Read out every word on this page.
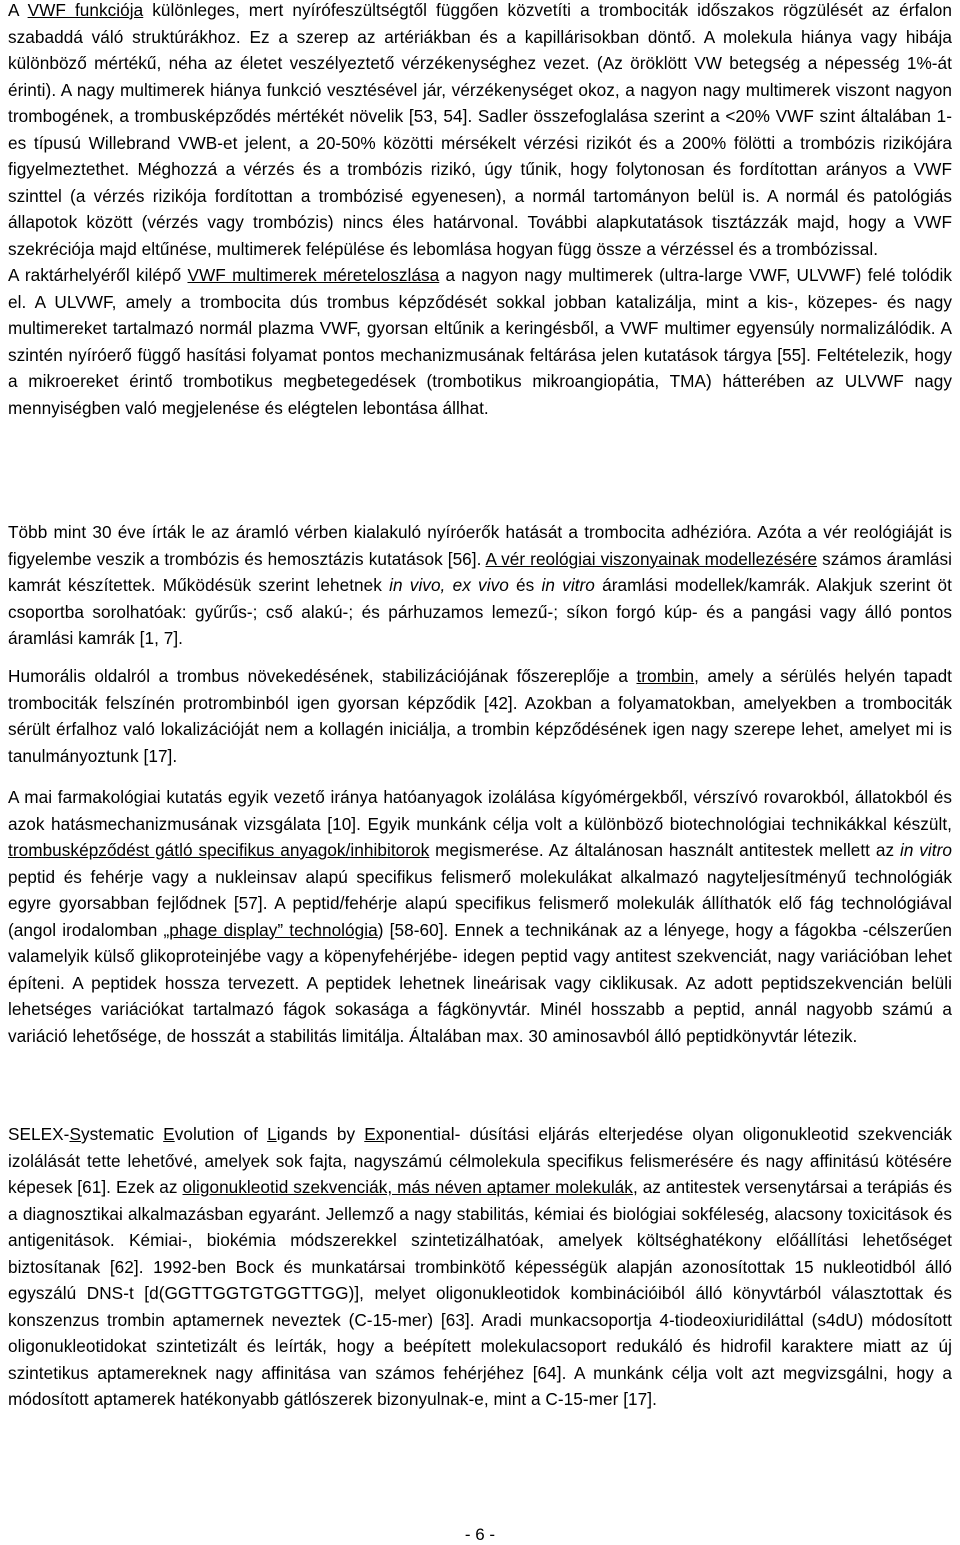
A VWF funkciója különleges, mert nyírófeszültségtől függően közvetíti a trombociták időszakos rögzülését az érfalon szabaddá váló struktúrákhoz. Ez a szerep az artériákban és a kapillárisokban döntő. A molekula hiánya vagy hibája különböző mértékű, néha az életet veszélyeztető vérzékenységhez vezet. (Az öröklött VW betegség a népesség 1%-át érinti). A nagy multimerek hiánya funkció vesztésével jár, vérzékenységet okoz, a nagyon nagy multimerek viszont nagyon trombogének, a trombusképződés mértékét növelik [53, 54]. Sadler összefoglalása szerint a <20% VWF szint általában 1-es típusú Willebrand VWB-et jelent, a 20-50% közötti mérsékelt vérzési rizikót és a 200% fölötti a trombózis rizikójára figyelmeztethet. Méghozzá a vérzés és a trombózis rizikó, úgy tűnik, hogy folytonosan és fordítottan arányos a VWF szinttel (a vérzés rizikója fordítottan a trombózisé egyenesen), a normál tartományon belül is. A normál és patológiás állapotok között (vérzés vagy trombózis) nincs éles határvonal. További alapkutatások tisztázzák majd, hogy a VWF szekréciója majd eltűnése, multimerek felépülése és lebomlása hogyan függ össze a vérzéssel és a trombózissal.
A raktárhelyéről kilépő VWF multimerek méreteloszlása a nagyon nagy multimerek (ultra-large VWF, ULVWF) felé tolódik el. A ULVWF, amely a trombocita dús trombus képződését sokkal jobban katalizálja, mint a kis-, közepes- és nagy multimereket tartalmazó normál plazma VWF, gyorsan eltűnik a keringésből, a VWF multimer egyensúly normalizálódik. A szintén nyíróerő függő hasítási folyamat pontos mechanizmusának feltárása jelen kutatások tárgya [55]. Feltételezik, hogy a mikroereket érintő trombotikus megbetegedések (trombotikus mikroangiopátia, TMA) hátterében az ULVWF nagy mennyiségben való megjelenése és elégtelen lebontása állhat.

Több mint 30 éve írták le az áramló vérben kialakuló nyíróerők hatását a trombocita adhézióra. Azóta a vér reológiáját is figyelembe veszik a trombózis és hemosztázis kutatások [56]. A vér reológiai viszonyainak modellezésére számos áramlási kamrát készítettek. Működésük szerint lehetnek in vivo, ex vivo és in vitro áramlási modellek/kamrák. Alakjuk szerint öt csoportba sorolhatóak: gyűrűs-; cső alakú-; és párhuzamos lemezű-; síkon forgó kúp- és a pangási vagy álló pontos áramlási kamrák [1, 7].

Humorális oldalról a trombus növekedésének, stabilizációjának főszereplője a trombin, amely a sérülés helyén tapadt trombociták felszínén protrombinból igen gyorsan képződik [42]. Azokban a folyamatokban, amelyekben a trombociták sérült érfalhoz való lokalizációját nem a kollagén iniciálja, a trombin képződésének igen nagy szerepe lehet, amelyet mi is tanulmányoztunk [17].

A mai farmakológiai kutatás egyik vezető iránya hatóanyagok izolálása kígyómérgekből, vérszívó rovarokból, állatokból és azok hatásmechanizmusának vizsgálata [10]. Egyik munkánk célja volt a különböző biotechnológiai technikákkal készült, trombusképződést gátló specifikus anyagok/inhibitorok megismerése. Az általánosan használt antitestek mellett az in vitro peptid és fehérje vagy a nukleinsav alapú specifikus felismerő molekulákat alkalmazó nagyteljesítményű technológiák egyre gyorsabban fejlődnek [57]. A peptid/fehérje alapú specifikus felismerő molekulák állíthatók elő fág technológiával (angol irodalomban „phage display” technológia) [58-60]. Ennek a technikának az a lényege, hogy a fágokba -célszerűen valamelyik külső glikoproteinjébe vagy a köpenyfehérjébe- idegen peptid vagy antitest szekvenciát, nagy variációban lehet építeni. A peptidek hossza tervezett. A peptidek lehetnek lineárisak vagy ciklikusak. Az adott peptidszekvencián belüli lehetséges variációkat tartalmazó fágok sokasága a fágkönyvtár. Minél hosszabb a peptid, annál nagyobb számú a variáció lehetősége, de hosszát a stabilitás limitálja. Általában max. 30 aminosavból álló peptidkönyvtár létezik.

SELEX-Systematic Evolution of Ligands by Exponential- dúsítási eljárás elterjedése olyan oligonukleotid szekvenciák izolálását tette lehetővé, amelyek sok fajta, nagyszámú célmolekula specifikus felismerésére és nagy affinitású kötésére képesek [61]. Ezek az oligonukleotid szekvenciák, más néven aptamer molekulák, az antitestek versenytársai a terápiás és a diagnosztikai alkalmazásban egyaránt. Jellemző a nagy stabilitás, kémiai és biológiai sokféleség, alacsony toxicitások és antigenitások. Kémiai-, biokémia módszerekkel szintetizálhatóak, amelyek költséghatékony előállítási lehetőséget biztosítanak [62]. 1992-ben Bock és munkatársai trombinkötő képességük alapján azonosítottak 15 nukleotidból álló egyszálú DNS-t [d(GGTTGGTGTGGTTGG)], melyet oligonukleotidok kombinációiból álló könyvtárból választottak és konszenzus trombin aptamernek neveztek (C-15-mer) [63]. Aradi munkacsoportja 4-tiodeoxiuridiláttal (s4dU) módosított oligonukleotidokat szintetizált és leírták, hogy a beépített molekulacsoport redukáló és hidrofil karaktere miatt az új szintetikus aptamereknek nagy affinitása van számos fehérjéhez [64]. A munkánk célja volt azt megvizsgálni, hogy a módosított aptamerek hatékonyabb gátlószerek bizonyulnak-e, mint a C-15-mer [17].

- 6 -
